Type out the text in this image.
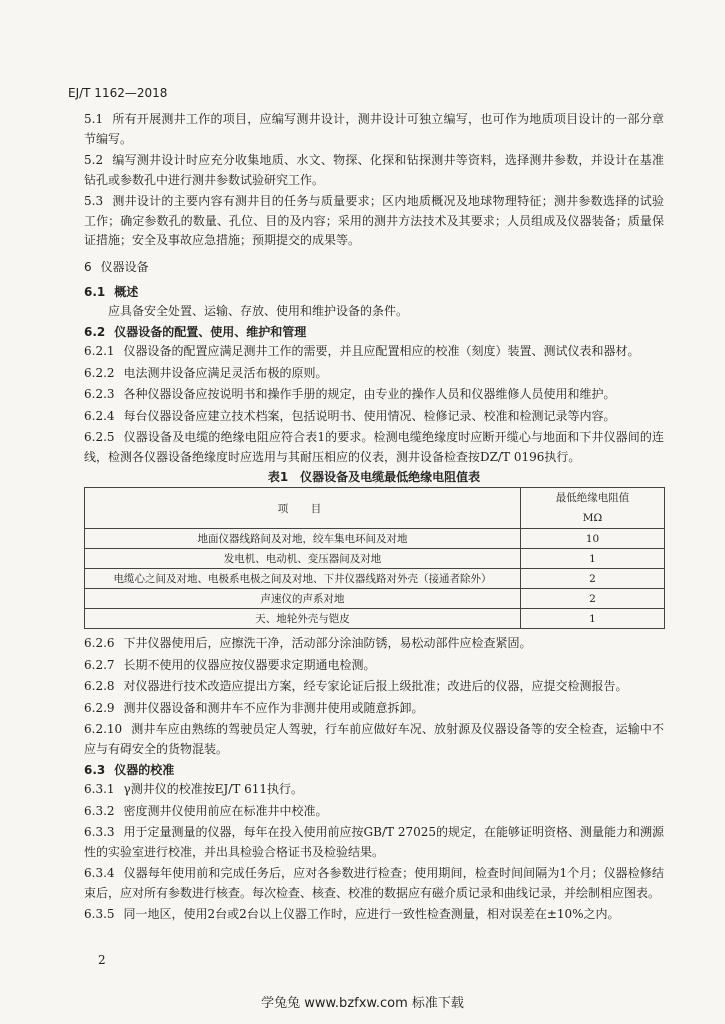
EJ/T 1162—2018

5.1 所有开展测井工作的项目，应编写测井设计，测井设计可独立编写，也可作为地质项目设计的一部分章节编写。

5.2 编写测井设计时应充分收集地质、水文、物探、化探和钻探测井等资料，选择测井参数，并设计在基准钻孔或参数孔中进行测井参数试验研究工作。

5.3 测井设计的主要内容有测井目的任务与质量要求；区内地质概况及地球物理特征；测井参数选择的试验工作；确定参数孔的数量、孔位、目的及内容；采用的测井方法技术及其要求；人员组成及仪器装备；质量保证措施；安全及事故应急措施；预期提交的成果等。

6 仪器设备
6.1 概述

应具备安全处置、运输、存放、使用和维护设备的条件。

6.2 仪器设备的配置、使用、维护和管理

6.2.1 仪器设备的配置应满足测井工作的需要，并且应配置相应的校准（刻度）装置、测试仪表和器材。

6.2.2 电法测井设备应满足灵活布极的原则。

6.2.3 各种仪器设备应按说明书和操作手册的规定，由专业的操作人员和仪器维修人员使用和维护。

6.2.4 每台仪器设备应建立技术档案，包括说明书、使用情况、检修记录、校准和检测记录等内容。

6.2.5 仪器设备及电缆的绝缘电阻应符合表1的要求。检测电缆绝缘度时应断开缆心与地面和下井仪器间的连线，检测各仪器设备绝缘度时应选用与其耐压相应的仪表，测井设备检查按DZ/T 0196执行。

表1　仪器设备及电缆最低绝缘电阻值表
项　目	最低绝缘电阻值
MΩ

地面仪器线路间及对地，绞车集电环间及对地	10
发电机、电动机、变压器间及对地	1
电缆心之间及对地、电极系电极之间及对地、下井仪器线路对外壳（接通者除外）	2
声速仪的声系对地	2
天、地轮外壳与铠皮	1

6.2.6 下井仪器使用后，应擦洗干净，活动部分涂油防锈，易松动部件应检查紧固。

6.2.7 长期不使用的仪器应按仪器要求定期通电检测。

6.2.8 对仪器进行技术改造应提出方案，经专家论证后报上级批准；改进后的仪器，应提交检测报告。

6.2.9 测井仪器设备和测井车不应作为非测井使用或随意拆卸。

6.2.10 测井车应由熟练的驾驶员定人驾驶，行车前应做好车况、放射源及仪器设备等的安全检查，运输中不应与有碍安全的货物混装。

6.3 仪器的校准

6.3.1 γ测井仪的校准按EJ/T 611执行。

6.3.2 密度测井仪使用前应在标准井中校准。

6.3.3 用于定量测量的仪器，每年在投入使用前应按GB/T 27025的规定，在能够证明资格、测量能力和溯源性的实验室进行校准，并出具检验合格证书及检验结果。

6.3.4 仪器每年使用前和完成任务后，应对各参数进行检查；使用期间，检查时间间隔为1个月；仪器检修结束后，应对所有参数进行核查。每次检查、核查、校准的数据应有磁介质记录和曲线记录，并绘制相应图表。

6.3.5 同一地区，使用2台或2台以上仪器工作时，应进行一致性检查测量，相对误差在±10%之内。

2
学兔兔 www.bzfxw.com 标准下载
